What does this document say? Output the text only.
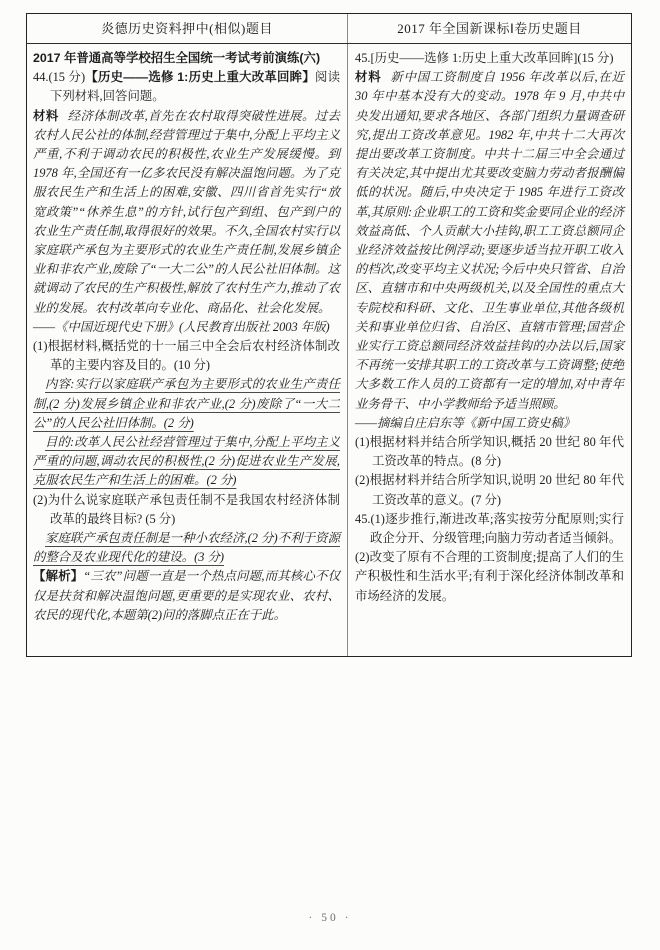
炎德历史资料押中(相似)题目	2017 年全国新课标Ⅰ卷历史题目

2017 年普通高等学校招生全国统一考试考前演练(六)

44.(15 分)【历史——选修 1:历史上重大改革回眸】阅读下列材料,回答问题。

材料 经济体制改革,首先在农村取得突破性进展。过去农村人民公社的体制,经营管理过于集中,分配上平均主义严重,不利于调动农民的积极性,农业生产发展缓慢。到 1978 年,全国还有一亿多农民没有解决温饱问题。为了克服农民生产和生活上的困难,安徽、四川省首先实行“放宽政策”“休养生息”的方针,试行包产到组、包产到户的农业生产责任制,取得很好的效果。不久,全国农村实行以家庭联产承包为主要形式的农业生产责任制,发展乡镇企业和非农产业,废除了“一大二公”的人民公社旧体制。这就调动了农民的生产积极性,解放了农村生产力,推动了农业的发展。农村改革向专业化、商品化、社会化发展。

——《中国近现代史下册》(人民教育出版社 2003 年版)

(1)根据材料,概括党的十一届三中全会后农村经济体制改革的主要内容及目的。(10 分)

内容:实行以家庭联产承包为主要形式的农业生产责任制,(2 分)发展乡镇企业和非农产业,(2 分)废除了“一大二公”的人民公社旧体制。(2 分)

目的:改革人民公社经营管理过于集中,分配上平均主义严重的问题,调动农民的积极性,(2 分)促进农业生产发展,克服农民生产和生活上的困难。(2 分)

(2)为什么说家庭联产承包责任制不是我国农村经济体制改革的最终目标? (5 分)

家庭联产承包责任制是一种小农经济,(2 分)不利于资源的整合及农业现代化的建设。(3 分)

【解析】“三农”问题一直是一个热点问题,而其核心不仅仅是扶贫和解决温饱问题,更重要的是实现农业、农村、农民的现代化,本题第(2)问的落脚点正在于此。

45.[历史——选修 1:历史上重大改革回眸](15 分)

材料 新中国工资制度自 1956 年改革以后,在近 30 年中基本没有大的变动。1978 年 9 月,中共中央发出通知,要求各地区、各部门组织力量调查研究,提出工资改革意见。1982 年,中共十二大再次提出要改革工资制度。中共十二届三中全会通过有关决定,其中提出尤其要改变脑力劳动者报酬偏低的状况。随后,中央决定于 1985 年进行工资改革,其原则:企业职工的工资和奖金要同企业的经济效益高低、个人贡献大小挂钩,职工工资总额同企业经济效益按比例浮动;要逐步适当拉开职工收入的档次,改变平均主义状况;今后中央只管省、自治区、直辖市和中央两级机关,以及全国性的重点大专院校和科研、文化、卫生事业单位,其他各级机关和事业单位归省、自治区、直辖市管理;国营企业实行工资总额同经济效益挂钩的办法以后,国家不再统一安排其职工的工资改革与工资调整;使绝大多数工作人员的工资都有一定的增加,对中青年业务骨干、中小学教师给予适当照顾。

——摘编自庄启东等《新中国工资史稿》

(1)根据材料并结合所学知识,概括 20 世纪 80 年代工资改革的特点。(8 分)

(2)根据材料并结合所学知识,说明 20 世纪 80 年代工资改革的意义。(7 分)

45.(1)逐步推行,渐进改革;落实按劳分配原则;实行政企分开、分级管理;向脑力劳动者适当倾斜。

(2)改变了原有不合理的工资制度;提高了人们的生产积极性和生活水平;有利于深化经济体制改革和市场经济的发展。

· 50 ·
